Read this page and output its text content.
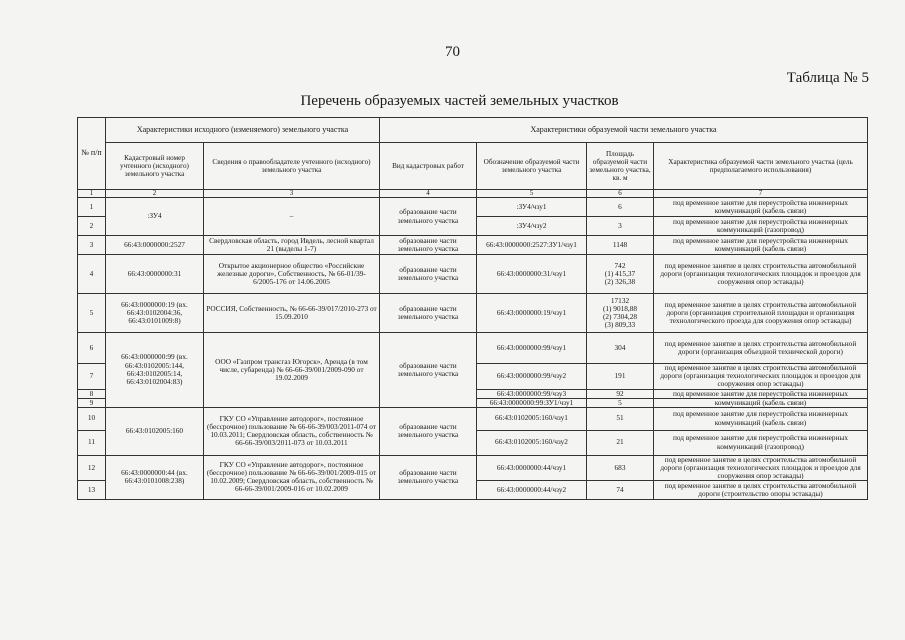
70
Таблица № 5
Перечень образуемых частей земельных участков
№ п/п	Характеристики исходного (изменяемого) земельного участка		Характеристики образуемой части земельного участка			
	Кадастровый номер учтенного (исходного) земельного участка	Сведения о правообладателе учтенного (исходного) земельного участка	Вид кадастровых работ	Обозначение образуемой части земельного участка	Площадь образуемой части земельного участка, кв. м	Характеристика образуемой части земельного участка (цель предполагаемого использования)
1	2	3	4	5	6	7
1	:ЗУ4	–	образование части земельного участка	:ЗУ4/чзу1	6	под временное занятие для переустройства инженерных коммуникаций (кабель связи)
2				:ЗУ4/чзу2	3	под временное занятие для переустройства инженерных коммуникаций (газопровод)
3	66:43:0000000:2527	Свердловская область, город Ивдель, лесной квартал 21 (выделы 1-7)	образование части земельного участка	66:43:0000000:2527:ЗУ1/чзу1	1148	под временное занятие для переустройства инженерных коммуникаций (кабель связи)
4	66:43:0000000:31	Открытое акционерное общество «Российские железные дороги», Собственность, № 66-01/39-6/2005-176 от 14.06.2005	образование части земельного участка	66:43:0000000:31/чзу1	742
(1) 415,37
(2) 326,38	под временное занятие в целях строительства автомобильной дороги (организация технологических площадок и проездов для сооружения опор эстакады)
5	66:43:0000000:19 (вх. 66:43:0102004:36, 66:43:0101009:8)	РОССИЯ, Собственность, № 66-66-39/017/2010-273 от 15.09.2010	образование части земельного участка	66:43:0000000:19/чзу1	17132
(1) 9018,88
(2) 7304,28
(3) 809,33	под временное занятие в целях строительства автомобильной дороги (организация строительной площадки и организация технологического проезда для сооружения опор эстакады)
6	66:43:0000000:99 (вх. 66:43:0102005:144, 66:43:0102005:14, 66:43:0102004:83)	ООО «Газпром трансгаз Югорск», Аренда (в том числе, субаренда) № 66-66-39/001/2009-090 от 19.02.2009	образование части земельного участка	66:43:0000000:99/чзу1	304	под временное занятие в целях строительства автомобильной дороги (организация объездной технической дороги)
7				66:43:0000000:99/чзу2	191	под временное занятие в целях строительства автомобильной дороги (организация технологических площадок и проездов для сооружения опор эстакады)
8				66:43:0000000:99/чзу3	92	под временное занятие для переустройства инженерных
9				66:43:0000000:99:ЗУ1/чзу1	5	коммуникаций (кабель связи)
10	66:43:0102005:160	ГКУ СО «Управление автодорог», постоянное (бессрочное) пользование № 66-66-39/003/2011-074 от 10.03.2011; Свердловская область, собственность № 66-66-39/003/2011-073 от 10.03.2011	образование части земельного участка	66:43:0102005:160/чзу1	51	под временное занятие для переустройства инженерных коммуникаций (кабель связи)
11				66:43:0102005:160/чзу2	21	под временное занятие для переустройства инженерных коммуникаций (газопровод)
12	66:43:0000000:44 (вх. 66:43:0101008:238)	ГКУ СО «Управление автодорог», постоянное (бессрочное) пользование № 66-66-39/001/2009-015 от 10.02.2009; Свердловская область, собственность № 66-66-39/001/2009-016 от 10.02.2009	образование части земельного участка	66:43:0000000:44/чзу1	683	под временное занятие в целях строительства автомобильной дороги (организация технологических площадок и проездов для сооружения опор эстакады)
13				66:43:0000000:44/чзу2	74	под временное занятие в целях строительства автомобильной дороги (строительство опоры эстакады)
